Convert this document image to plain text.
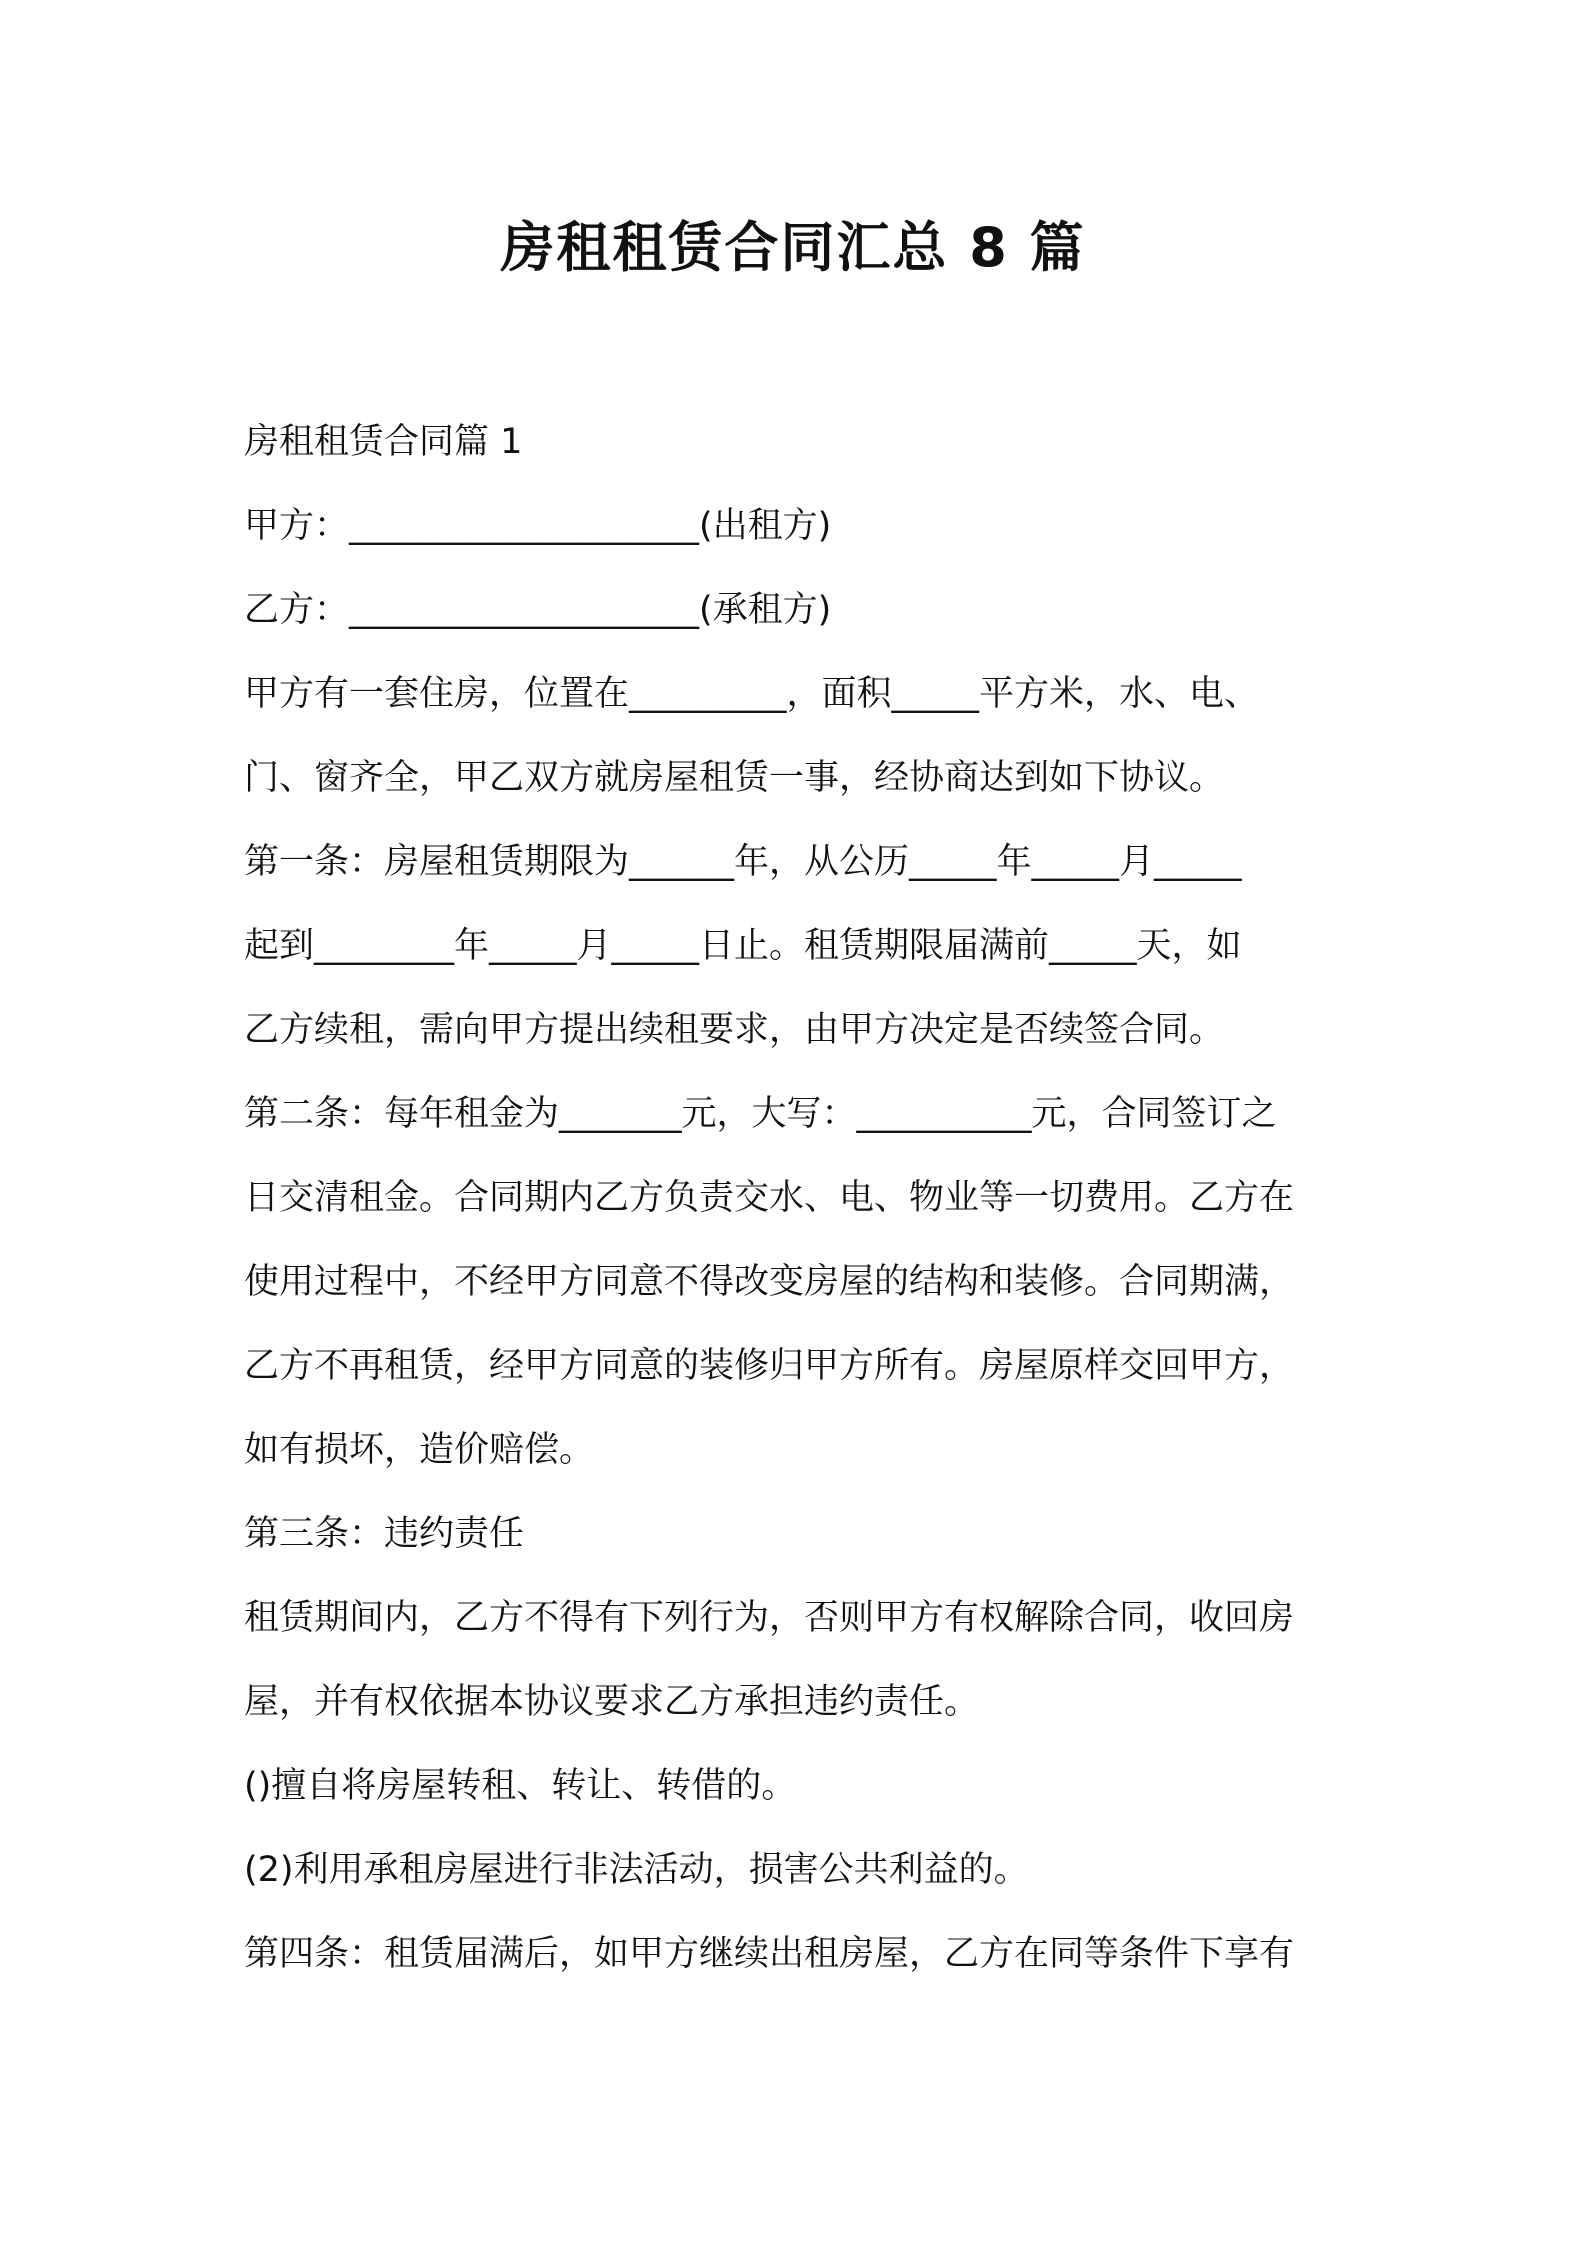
房租租赁合同汇总 8 篇

房租租赁合同篇 1

甲方：____________________(出租方)

乙方：____________________(承租方)

甲方有一套住房，位置在_________，面积_____平方米，水、电、

门、窗齐全，甲乙双方就房屋租赁一事，经协商达到如下协议。

第一条：房屋租赁期限为______年，从公历_____年_____月_____

起到________年_____月_____日止。租赁期限届满前_____天，如

乙方续租，需向甲方提出续租要求，由甲方决定是否续签合同。

第二条：每年租金为_______元，大写：__________元，合同签订之

日交清租金。合同期内乙方负责交水、电、物业等一切费用。乙方在

使用过程中，不经甲方同意不得改变房屋的结构和装修。合同期满，

乙方不再租赁，经甲方同意的装修归甲方所有。房屋原样交回甲方，

如有损坏，造价赔偿。

第三条：违约责任

租赁期间内，乙方不得有下列行为，否则甲方有权解除合同，收回房

屋，并有权依据本协议要求乙方承担违约责任。

()擅自将房屋转租、转让、转借的。

(2)利用承租房屋进行非法活动，损害公共利益的。

第四条：租赁届满后，如甲方继续出租房屋，乙方在同等条件下享有
